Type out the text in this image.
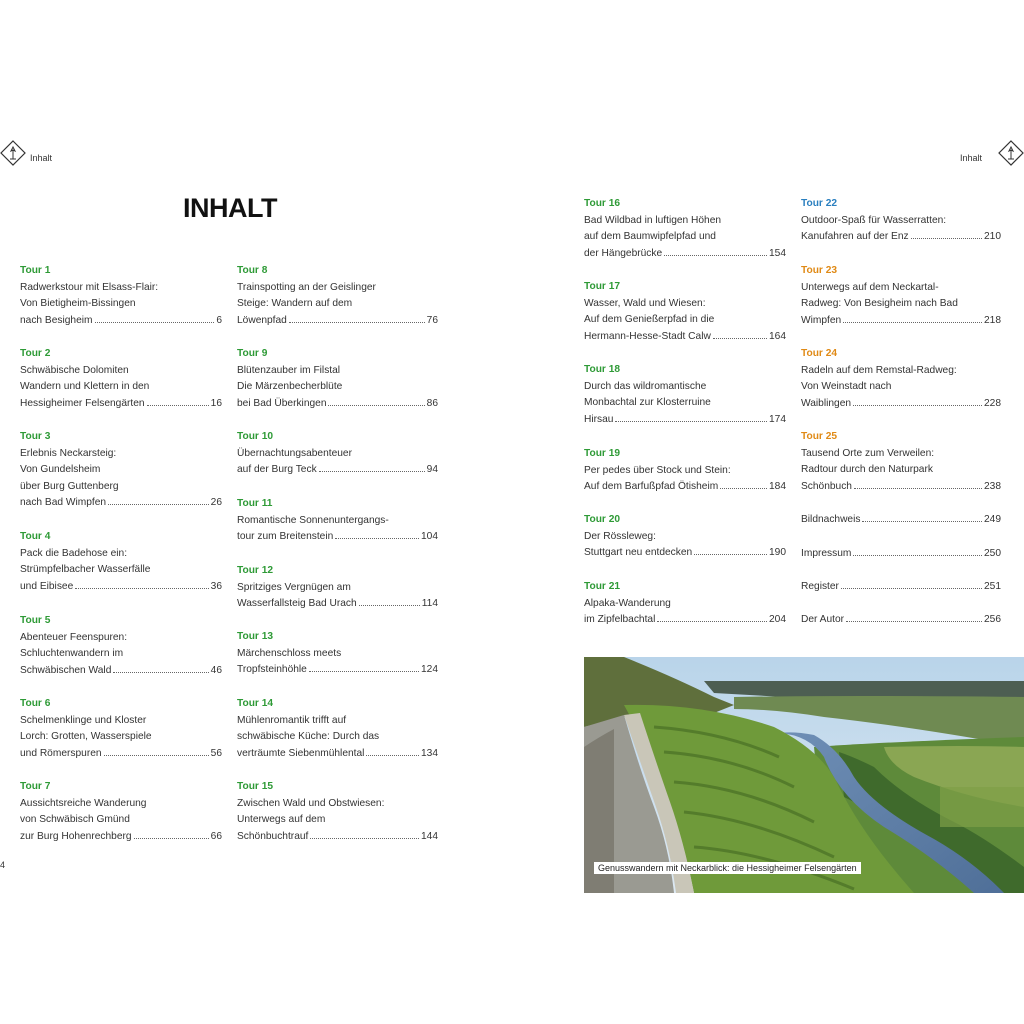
Inhalt
INHALT
Tour 1
Radwerkstour mit Elsass-Flair:
Von Bietigheim-Bissingen
nach Besigheim	6
Tour 2
Schwäbische Dolomiten
Wandern und Klettern in den
Hessigheimer Felsengärten	16
Tour 3
Erlebnis Neckarsteig:
Von Gundelsheim
über Burg Guttenberg
nach Bad Wimpfen	26
Tour 4
Pack die Badehose ein:
Strümpfelbacher Wasserfälle
und Eibisee	36
Tour 5
Abenteuer Feenspuren:
Schluchtenwandern im
Schwäbischen Wald	46
Tour 6
Schelmenklinge und Kloster
Lorch: Grotten, Wasserspiele
und Römerspuren	56
Tour 7
Aussichtsreiche Wanderung
von Schwäbisch Gmünd
zur Burg Hohenrechberg	66
Tour 8
Trainspotting an der Geislinger
Steige: Wandern auf dem
Löwenpfad	76
Tour 9
Blütenzauber im Filstal
Die Märzenbecherblüte
bei Bad Überkingen	86
Tour 10
Übernachtungsabenteuer
auf der Burg Teck	94
Tour 11
Romantische Sonnenuntergangs-
tour zum Breitenstein	104
Tour 12
Spritziges Vergnügen am
Wasserfallsteig Bad Urach	114
Tour 13
Märchenschloss meets
Tropfsteinhöhle	124
Tour 14
Mühlenromantik trifft auf
schwäbische Küche: Durch das
verträumte Siebenmühlental	134
Tour 15
Zwischen Wald und Obstwiesen:
Unterwegs auf dem
Schönbuchtrauf	144
4
Inhalt
Tour 16
Bad Wildbad in luftigen Höhen
auf dem Baumwipfelpfad und
der Hängebrücke	154
Tour 17
Wasser, Wald und Wiesen:
Auf dem Genießerpfad in die
Hermann-Hesse-Stadt Calw	164
Tour 18
Durch das wildromantische
Monbachtal zur Klosterruine
Hirsau	174
Tour 19
Per pedes über Stock und Stein:
Auf dem Barfußpfad Ötisheim	184
Tour 20
Der Rössleweg:
Stuttgart neu entdecken	190
Tour 21
Alpaka-Wanderung
im Zipfelbachtal	204
Tour 22
Outdoor-Spaß für Wasserratten:
Kanufahren auf der Enz	210
Tour 23
Unterwegs auf dem Neckartal-
Radweg: Von Besigheim nach Bad
Wimpfen	218
Tour 24
Radeln auf dem Remstal-Radweg:
Von Weinstadt nach
Waiblingen	228
Tour 25
Tausend Orte zum Verweilen:
Radtour durch den Naturpark
Schönbuch	238
Bildnachweis	249
Impressum	250
Register	251
Der Autor	256
Genusswandern mit Neckarblick: die Hessigheimer Felsengärten
